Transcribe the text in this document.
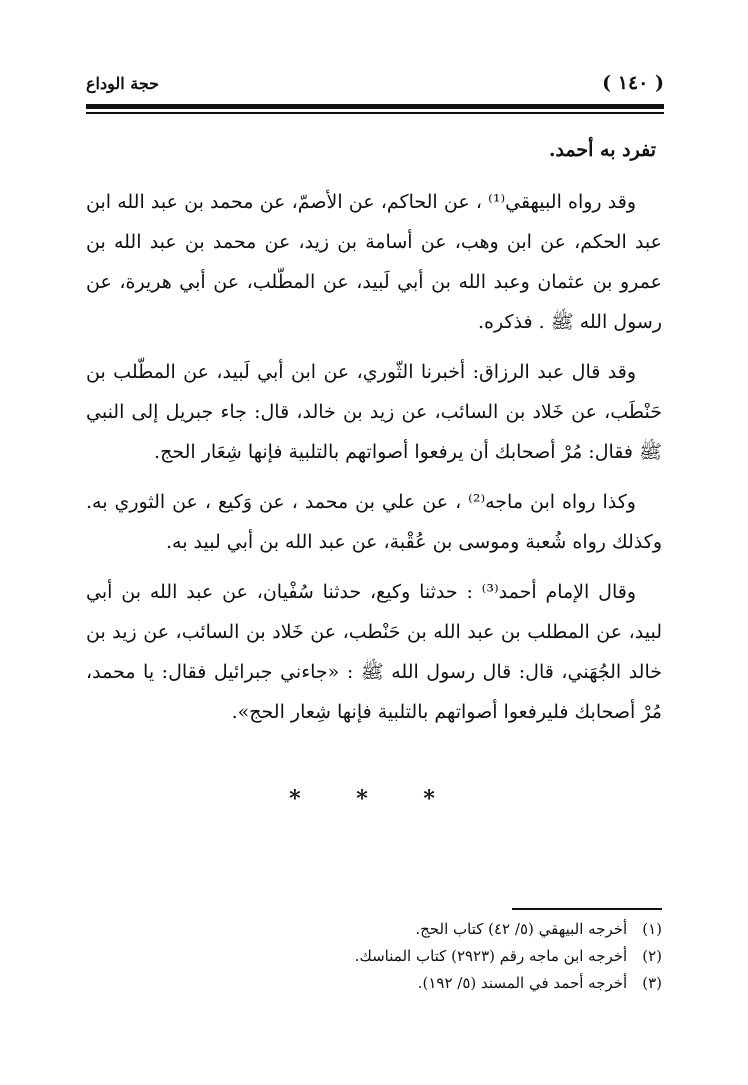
( ١٤٠ )
حجة الوداع

تفرد به أحمد.

وقد رواه البيهقي⁽¹⁾ ، عن الحاكم، عن الأصمّ، عن محمد بن عبد الله ابن عبد الحكم، عن ابن وهب، عن أسامة بن زيد، عن محمد بن عبد الله بن عمرو بن عثمان وعبد الله بن أبي لَبيد، عن المطّلب، عن أبي هريرة، عن رسول الله ﷺ . فذكره.

وقد قال عبد الرزاق: أخبرنا الثّوري، عن ابن أبي لَبيد، عن المطّلب بن حَنْطَب، عن خَلاد بن السائب، عن زيد بن خالد، قال: جاء جبريل إلى النبي ﷺ فقال: مُرْ أصحابك أن يرفعوا أصواتهم بالتلبية فإنها شِعَار الحج.

وكذا رواه ابن ماجه⁽²⁾ ، عن علي بن محمد ، عن وَكيع ، عن الثوري به. وكذلك رواه شُعبة وموسى بن عُقْبة، عن عبد الله بن أبي لبيد به.

وقال الإمام أحمد⁽³⁾ : حدثنا وكيع، حدثنا سُفْيان، عن عبد الله بن أبي لبيد، عن المطلب بن عبد الله بن حَنْطب، عن خَلاد بن السائب، عن زيد بن خالد الجُهَني، قال: قال رسول الله ﷺ : «جاءني جبرائيل فقال: يا محمد، مُرْ أصحابك فليرفعوا أصواتهم بالتلبية فإنها شِعار الحج».

* * *
(١) أخرجه البيهقي (٥/ ٤٢) كتاب الحج.
(٢) أخرجه ابن ماجه رقم (٢٩٢٣) كتاب المناسك.
(٣) أخرجه أحمد في المسند (٥/ ١٩٢).
